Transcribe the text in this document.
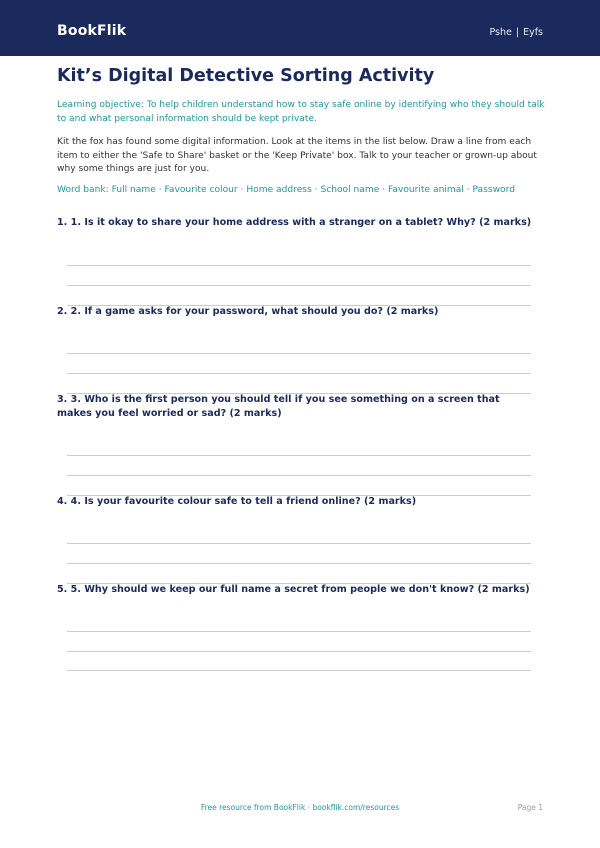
BookFlik	Pshe | Eyfs
Kit’s Digital Detective Sorting Activity

Learning objective: To help children understand how to stay safe online by identifying who they should talk to and what personal information should be kept private.

Kit the fox has found some digital information. Look at the items in the list below. Draw a line from each item to either the 'Safe to Share' basket or the 'Keep Private' box. Talk to your teacher or grown-up about why some things are just for you.

Word bank: Full name · Favourite colour · Home address · School name · Favourite animal · Password

1. 1. Is it okay to share your home address with a stranger on a tablet? Why? (2 marks)
2. 2. If a game asks for your password, what should you do? (2 marks)
3. 3. Who is the first person you should tell if you see something on a screen that makes you feel worried or sad? (2 marks)
4. 4. Is your favourite colour safe to tell a friend online? (2 marks)
5. 5. Why should we keep our full name a secret from people we don't know? (2 marks)
Free resource from BookFlik · bookflik.com/resources	Page 1
